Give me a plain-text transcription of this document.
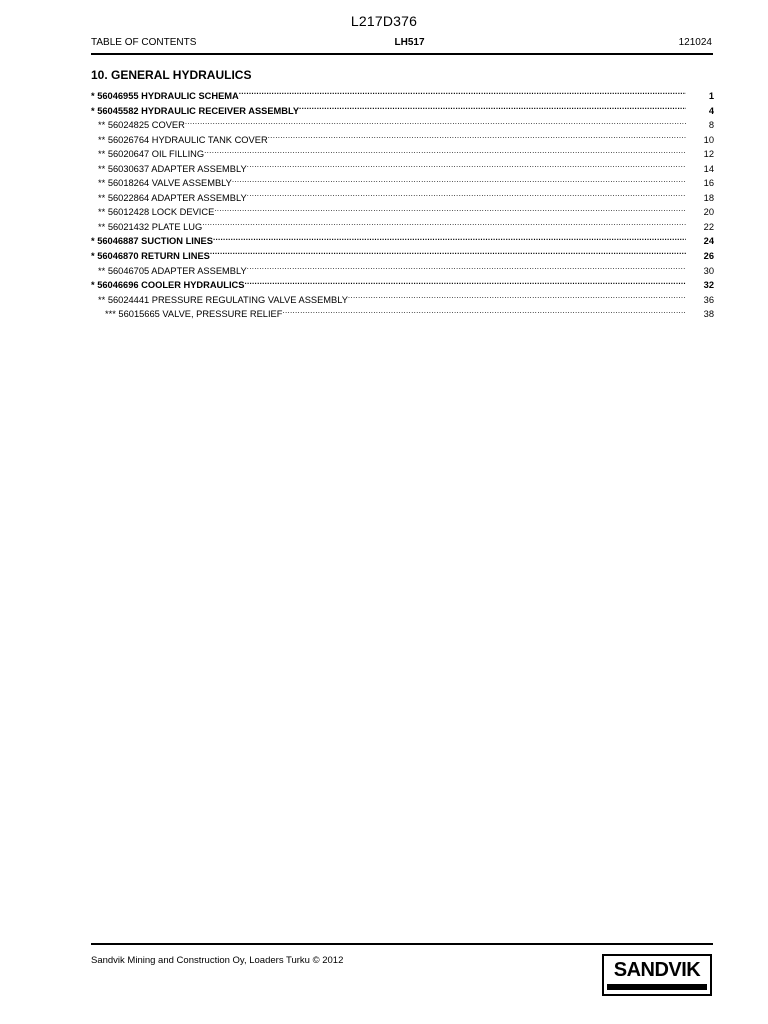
L217D376
TABLE OF CONTENTS	LH517	121024
10. GENERAL HYDRAULICS
* 56046955 HYDRAULIC SCHEMA .....	1
* 56045582 HYDRAULIC RECEIVER ASSEMBLY .....	4
** 56024825 COVER .....	8
** 56026764 HYDRAULIC TANK COVER .....	10
** 56020647 OIL FILLING .....	12
** 56030637 ADAPTER ASSEMBLY .....	14
** 56018264 VALVE ASSEMBLY .....	16
** 56022864 ADAPTER ASSEMBLY .....	18
** 56012428 LOCK DEVICE .....	20
** 56021432 PLATE LUG .....	22
* 56046887 SUCTION LINES .....	24
* 56046870 RETURN LINES .....	26
** 56046705 ADAPTER ASSEMBLY .....	30
* 56046696 COOLER HYDRAULICS .....	32
** 56024441 PRESSURE REGULATING VALVE ASSEMBLY .....	36
*** 56015665 VALVE, PRESSURE RELIEF .....	38
Sandvik Mining and Construction Oy, Loaders Turku © 2012	SANDVIK
